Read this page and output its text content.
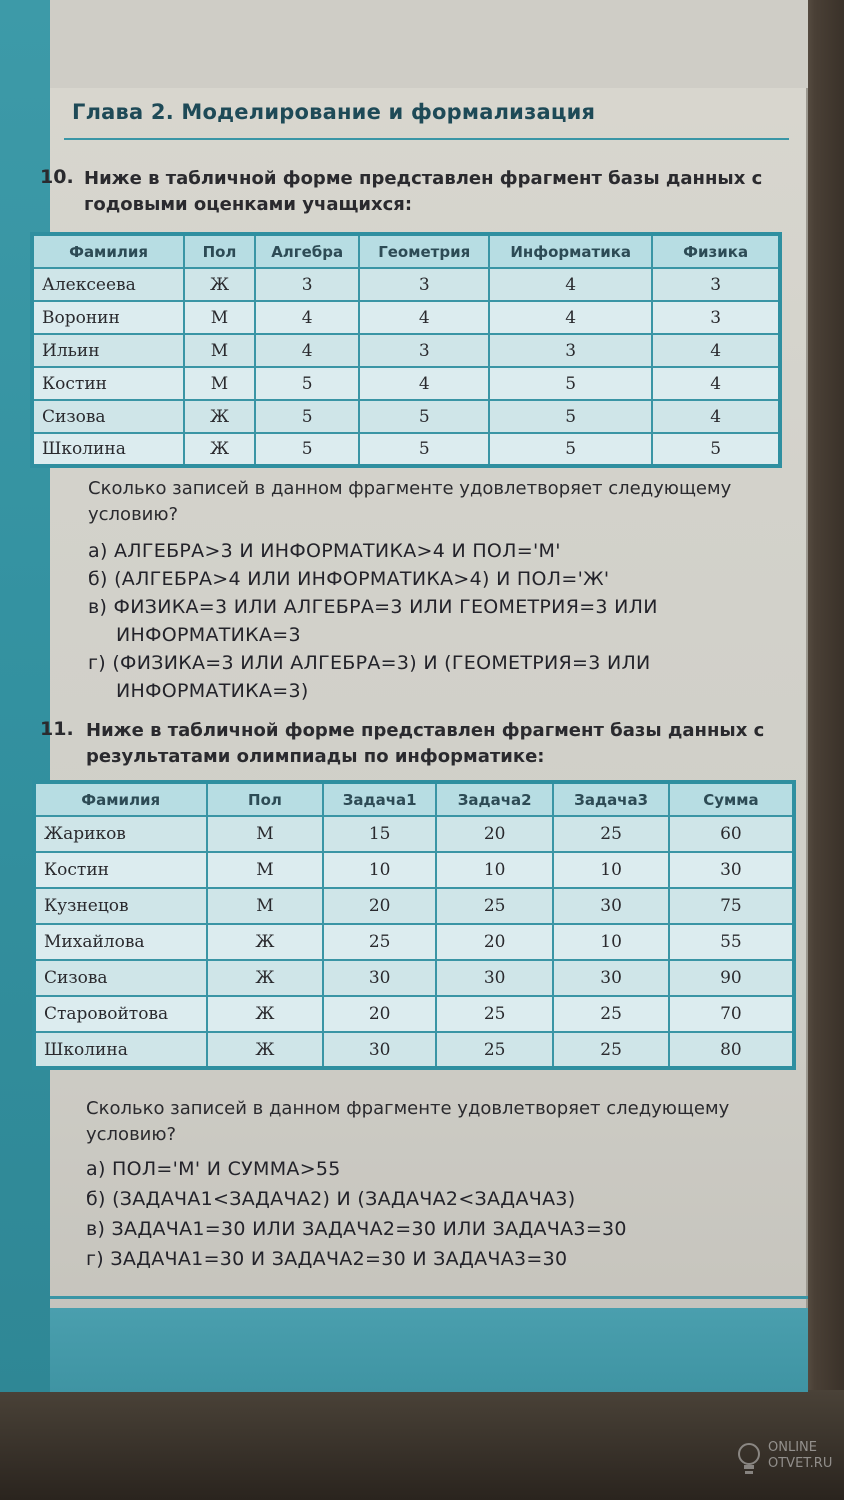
Глава 2. Моделирование и формализация
10. Ниже в табличной форме представлен фрагмент базы данных с
годовыми оценками учащихся:
Фамилия	Пол	Алгебра	Геометрия	Информатика	Физика
Алексеева	Ж	3	3	4	3
Воронин	М	4	4	4	3
Ильин	М	4	3	3	4
Костин	М	5	4	5	4
Сизова	Ж	5	5	5	4
Школина	Ж	5	5	5	5
Сколько записей в данном фрагменте удовлетворяет следующему
условию?
а) АЛГЕБРА>3 И ИНФОРМАТИКА>4 И ПОЛ='М'
б) (АЛГЕБРА>4 ИЛИ ИНФОРМАТИКА>4) И ПОЛ='Ж'
в) ФИЗИКА=3 ИЛИ АЛГЕБРА=3 ИЛИ ГЕОМЕТРИЯ=3 ИЛИ
ИНФОРМАТИКА=3
г) (ФИЗИКА=3 ИЛИ АЛГЕБРА=3) И (ГЕОМЕТРИЯ=3 ИЛИ
ИНФОРМАТИКА=3)
11. Ниже в табличной форме представлен фрагмент базы данных с
результатами олимпиады по информатике:
Фамилия	Пол	Задача1	Задача2	Задача3	Сумма
Жариков	М	15	20	25	60
Костин	М	10	10	10	30
Кузнецов	М	20	25	30	75
Михайлова	Ж	25	20	10	55
Сизова	Ж	30	30	30	90
Старовойтова	Ж	20	25	25	70
Школина	Ж	30	25	25	80
Сколько записей в данном фрагменте удовлетворяет следующему
условию?
а) ПОЛ='М' И СУММА>55
б) (ЗАДАЧА1<ЗАДАЧА2) И (ЗАДАЧА2<ЗАДАЧА3)
в) ЗАДАЧА1=30 ИЛИ ЗАДАЧА2=30 ИЛИ ЗАДАЧА3=30
г) ЗАДАЧА1=30 И ЗАДАЧА2=30 И ЗАДАЧА3=30
ONLINE
OTVET.RU
